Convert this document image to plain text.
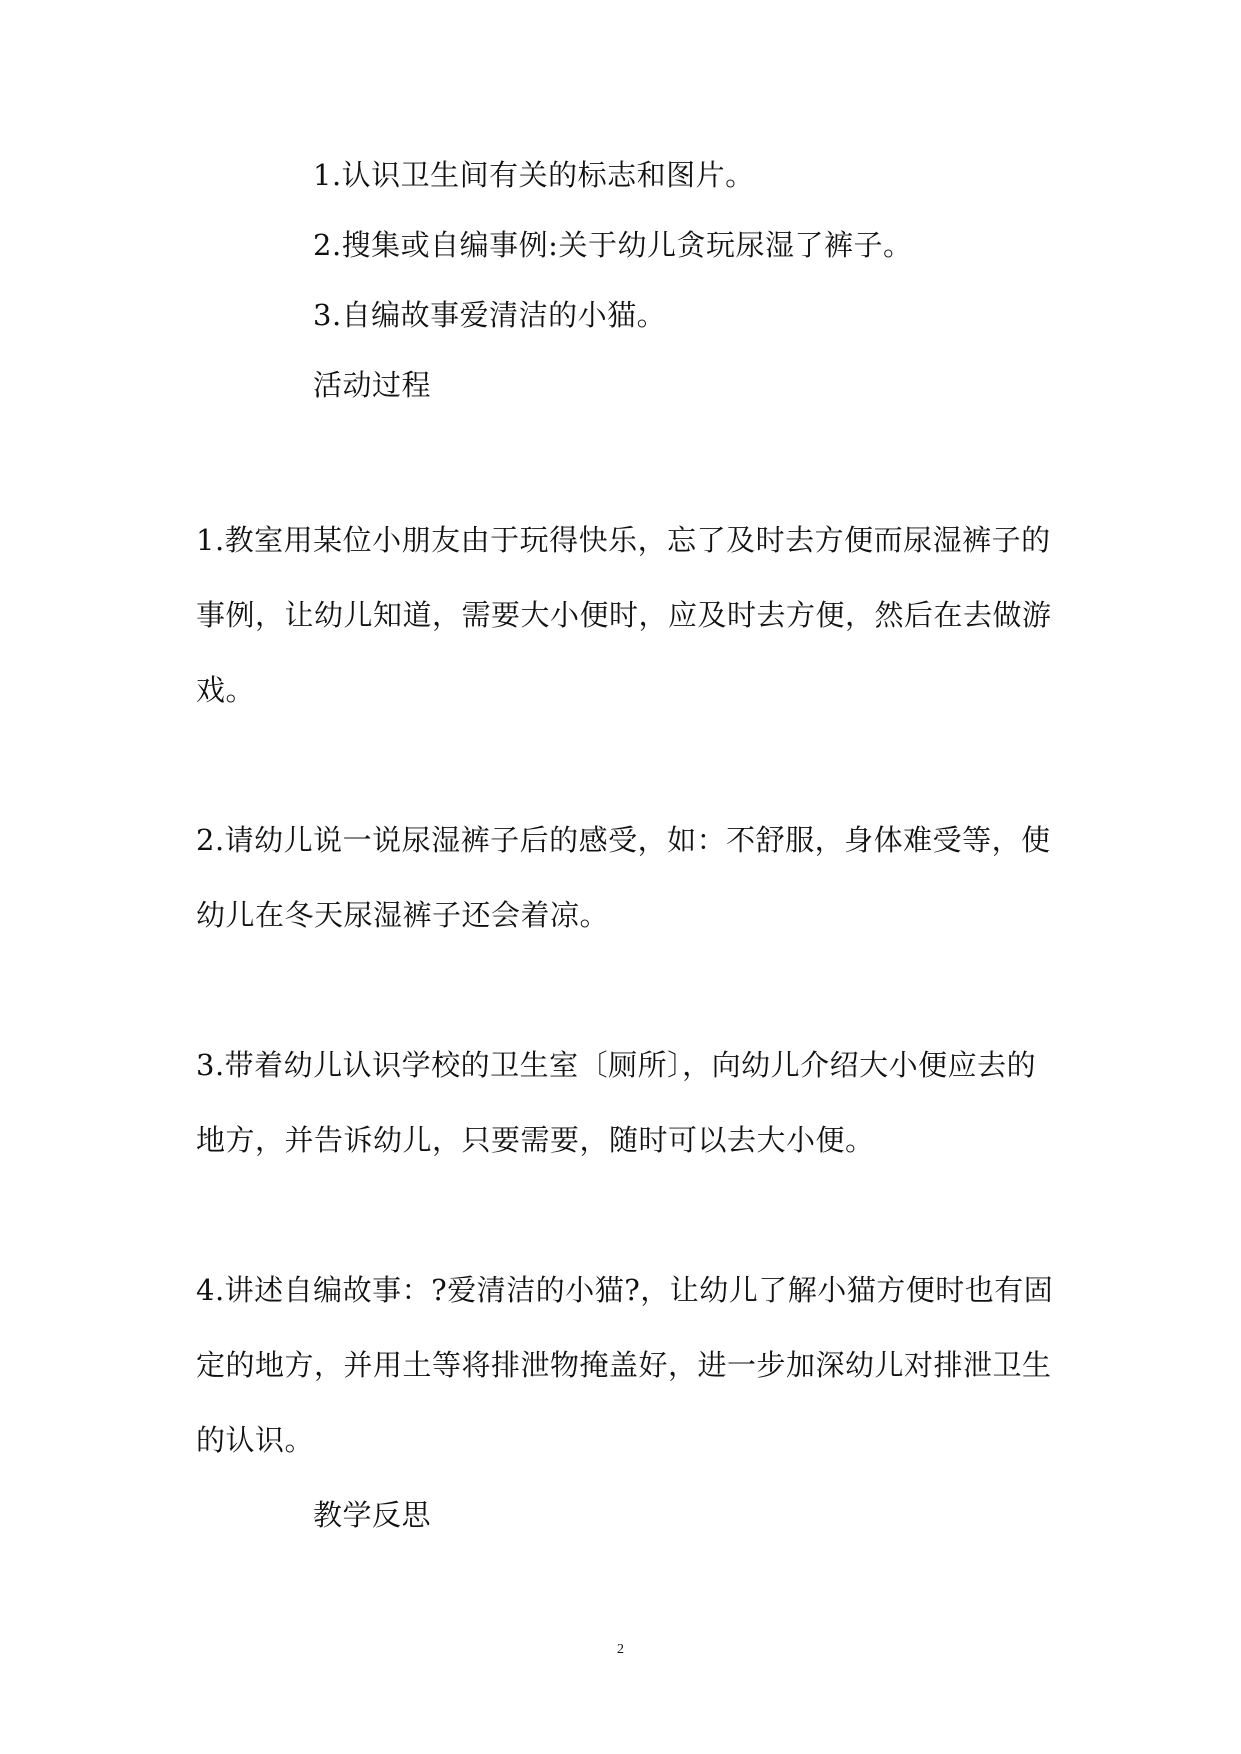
1.认识卫生间有关的标志和图片。
2.搜集或自编事例:关于幼儿贪玩尿湿了裤子。
3.自编故事爱清洁的小猫。
活动过程
1.教室用某位小朋友由于玩得快乐，忘了及时去方便而尿湿裤子的
事例，让幼儿知道，需要大小便时，应及时去方便，然后在去做游
戏。
2.请幼儿说一说尿湿裤子后的感受，如：不舒服，身体难受等，使
幼儿在冬天尿湿裤子还会着凉。
3.带着幼儿认识学校的卫生室〔厕所〕，向幼儿介绍大小便应去的
地方，并告诉幼儿，只要需要，随时可以去大小便。
4.讲述自编故事：?爱清洁的小猫?，让幼儿了解小猫方便时也有固
定的地方，并用土等将排泄物掩盖好，进一步加深幼儿对排泄卫生
的认识。
教学反思
2
